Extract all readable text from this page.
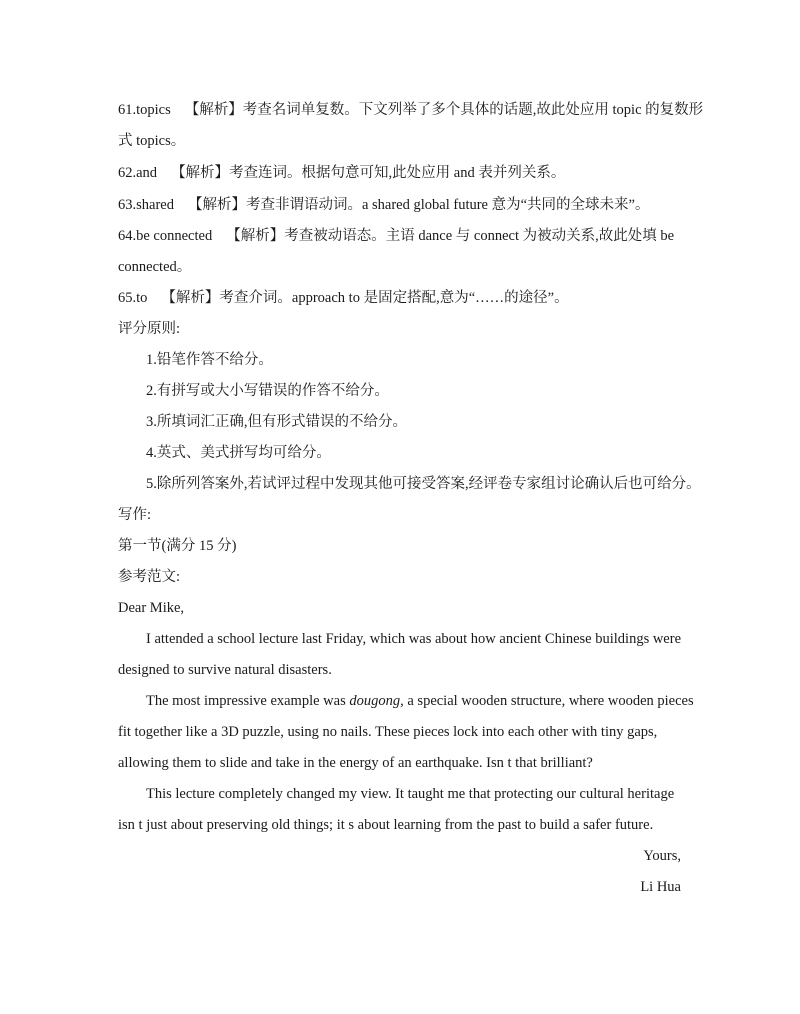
61.topics 【解析】考查名词单复数。下文列举了多个具体的话题,故此处应用 topic 的复数形
式 topics。
62.and 【解析】考查连词。根据句意可知,此处应用 and 表并列关系。
63.shared 【解析】考查非谓语动词。a shared global future 意为“共同的全球未来”。
64.be connected 【解析】考查被动语态。主语 dance 与 connect 为被动关系,故此处填 be
connected。
65.to 【解析】考查介词。approach to 是固定搭配,意为“……的途径”。
评分原则:
1.铅笔作答不给分。
2.有拼写或大小写错误的作答不给分。
3.所填词汇正确,但有形式错误的不给分。
4.英式、美式拼写均可给分。
5.除所列答案外,若试评过程中发现其他可接受答案,经评卷专家组讨论确认后也可给分。
写作:
第一节(满分 15 分)
参考范文:
Dear Mike,
I attended a school lecture last Friday, which was about how ancient Chinese buildings were
designed to survive natural disasters.
The most impressive example was dougong, a special wooden structure, where wooden pieces
fit together like a 3D puzzle, using no nails. These pieces lock into each other with tiny gaps,
allowing them to slide and take in the energy of an earthquake. Isn t that brilliant?
This lecture completely changed my view. It taught me that protecting our cultural heritage
isn t just about preserving old things; it s about learning from the past to build a safer future.
Yours,
Li Hua
